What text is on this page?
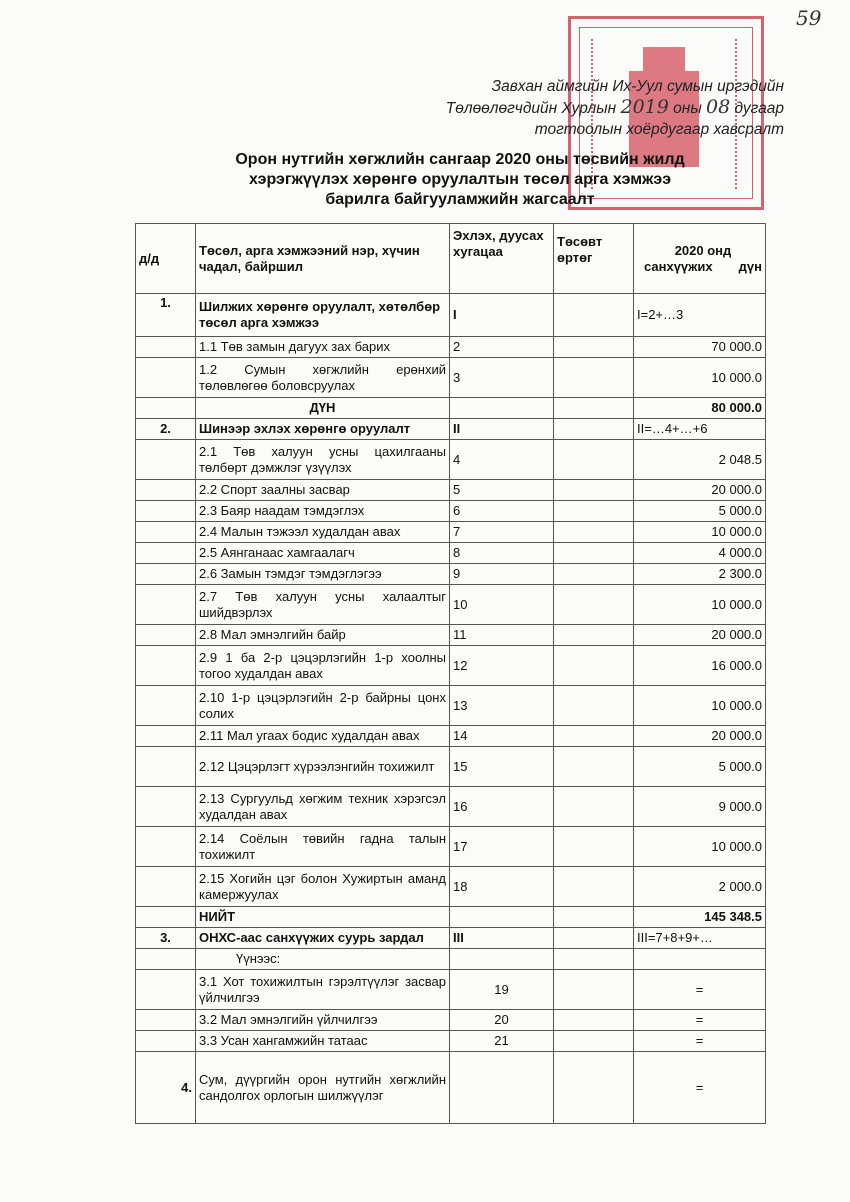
59
Завхан аймгийн Их-Уул сумын иргэдийн
Төлөөлөгчдийн Хурлын 2019 оны 08 дугаар
тогтоолын хоёрдугаар хавсралт
Орон нутгийн хөгжлийн сангаар 2020 оны төсвийн жилд
хэрэгжүүлэх хөрөнгө оруулалтын төсөл арга хэмжээ
барилга байгууламжийн жагсаалт
д/д	Төсөл, арга хэмжээний нэр, хүчин чадал, байршил	Эхлэх, дуусах хугацаа	Төсөвт өртөг	2020 онд санхүүжих дүн
1.	Шилжих хөрөнгө оруулалт, хөтөлбөр төсөл арга хэмжээ	I		I=2+…3
	1.1 Төв замын дагуух зах барих	2		70 000.0
	1.2 Сумын хөгжлийн ерөнхий төлөвлөгөө боловсруулах	3		10 000.0
	ДҮН			80 000.0
2.	Шинээр эхлэх хөрөнгө оруулалт	II		II=…4+…+6
	2.1 Төв халуун усны цахилгааны төлбөрт дэмжлэг үзүүлэх	4		2 048.5
	2.2 Спорт заалны засвар	5		20 000.0
	2.3 Баяр наадам тэмдэглэх	6		5 000.0
	2.4 Малын тэжээл худалдан авах	7		10 000.0
	2.5 Аянганаас хамгаалагч	8		4 000.0
	2.6 Замын тэмдэг тэмдэглэгээ	9		2 300.0
	2.7 Төв халуун усны халаалтыг шийдвэрлэх	10		10 000.0
	2.8 Мал эмнэлгийн байр	11		20 000.0
	2.9 1 ба 2-р цэцэрлэгийн 1-р хоолны тогоо худалдан авах	12		16 000.0
	2.10 1-р цэцэрлэгийн 2-р байрны цонх солих	13		10 000.0
	2.11 Мал угаах бодис худалдан авах	14		20 000.0
	2.12 Цэцэрлэгт хүрээлэнгийн тохижилт	15		5 000.0
	2.13 Сургуульд хөгжим техник хэрэгсэл худалдан авах	16		9 000.0
	2.14 Соёлын төвийн гадна талын тохижилт	17		10 000.0
	2.15 Хогийн цэг болон Хужиртын аманд камержуулах	18		2 000.0
	НИЙТ			145 348.5
3.	ОНХС-аас санхүүжих суурь зардал	III		III=7+8+9+…
	Үүнээс:			
	3.1 Хот тохижилтын гэрэлтүүлэг засвар үйлчилгээ	19		=
	3.2 Мал эмнэлгийн үйлчилгээ	20		=
	3.3 Усан хангамжийн татаас	21		=
4.	Сум, дүүргийн орон нутгийн хөгжлийн сандолгох орлогын шилжүүлэг			=
